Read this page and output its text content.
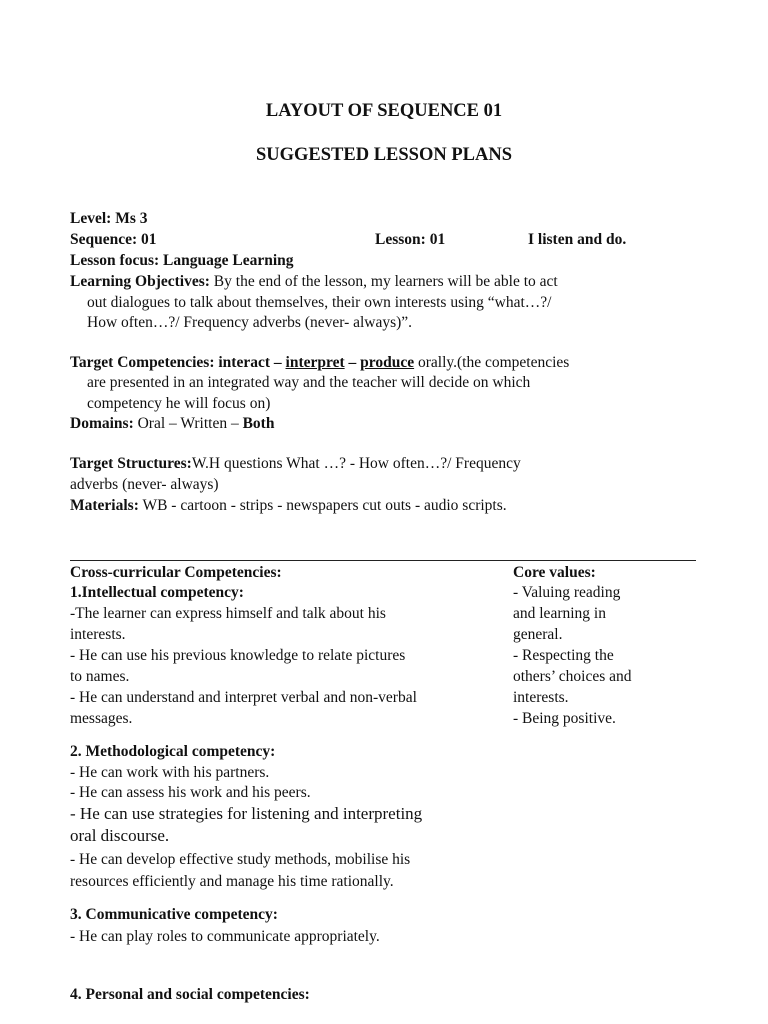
LAYOUT OF SEQUENCE 01
SUGGESTED LESSON PLANS
Level: Ms 3
Sequence: 01	Lesson: 01	I listen and do.
Lesson focus: Language Learning
Learning Objectives: By the end of the lesson, my learners will be able to act
out dialogues to talk about themselves, their own interests using “what…?/
How often…?/ Frequency adverbs (never- always)”.
Target Competencies: interact – interpret – produce orally.(the competencies
are presented in an integrated way and the teacher will decide on which
competency he will focus on)
Domains: Oral – Written – Both
Target Structures:W.H questions What …? - How often…?/ Frequency
adverbs (never- always)
Materials: WB - cartoon - strips - newspapers cut outs - audio scripts.
Cross-curricular Competencies:
1.Intellectual competency:
-The learner can express himself and talk about his
interests.
- He can use his previous knowledge to relate pictures
to names.
- He can understand and interpret verbal and non-verbal
messages.
2. Methodological competency:
- He can work with his partners.
- He can assess his work and his peers.
- He can use strategies for listening and interpreting
oral discourse.
- He can develop effective study methods, mobilise his
resources efficiently and manage his time rationally.
3. Communicative competency:
- He can play roles to communicate appropriately.
4. Personal and social competencies:
Core values:
- Valuing reading
and learning in
general.
- Respecting the
others’ choices and
interests.
- Being positive.
